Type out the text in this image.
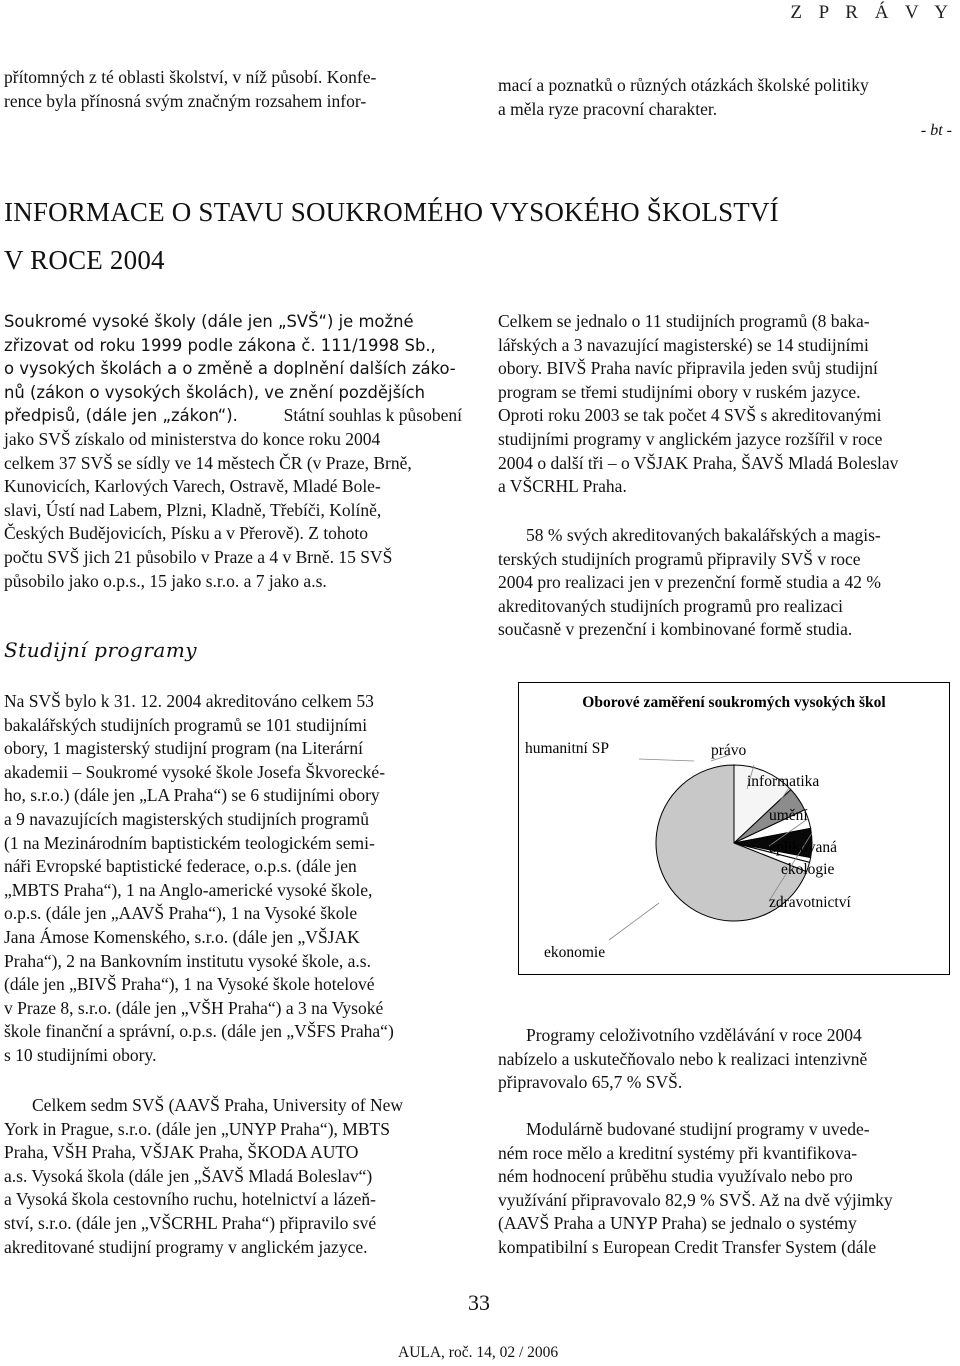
Z P R Á V Y
přítomných z té oblasti školství, v níž působí. Konfe-
rence byla přínosná svým značným rozsahem infor-
mací a poznatků o různých otázkách školské politiky
a měla ryze pracovní charakter.
- bt -
INFORMACE O STAVU SOUKROMÉHO VYSOKÉHO ŠKOLSTVÍ
V ROCE 2004
Soukromé vysoké školy (dále jen „SVŠ“) je možné
zřizovat od roku 1999 podle zákona č. 111/1998 Sb.,
o vysokých školách a o změně a doplnění dalších záko-
nů (zákon o vysokých školách), ve znění pozdějších
předpisů, (dále jen „zákon“).	Státní souhlas k působení
jako SVŠ získalo od ministerstva do konce roku 2004
celkem 37 SVŠ se sídly ve 14 městech ČR (v Praze, Brně,
Kunovicích, Karlových Varech, Ostravě, Mladé Bole-
slavi, Ústí nad Labem, Plzni, Kladně, Třebíči, Kolíně,
Českých Budějovicích, Písku a v Přerově). Z tohoto
počtu SVŠ jich 21 působilo v Praze a 4 v Brně. 15 SVŠ
působilo jako o.p.s., 15 jako s.r.o. a 7 jako a.s.
Studijní programy
Na SVŠ bylo k 31. 12. 2004 akreditováno celkem 53
bakalářských studijních programů se 101 studijními
obory, 1 magisterský studijní program (na Literární
akademii – Soukromé vysoké škole Josefa Škvorecké-
ho, s.r.o.) (dále jen „LA Praha“) se 6 studijními obory
a 9 navazujících magisterských studijních programů
(1 na Mezinárodním baptistickém teologickém semi-
náři Evropské baptistické federace, o.p.s. (dále jen
„MBTS Praha“), 1 na Anglo-americké vysoké škole,
o.p.s. (dále jen „AAVŠ Praha“), 1 na Vysoké škole
Jana Ámose Komenského, s.r.o. (dále jen „VŠJAK
Praha“), 2 na Bankovním institutu vysoké škole, a.s.
(dále jen „BIVŠ Praha“), 1 na Vysoké škole hotelové
v Praze 8, s.r.o. (dále jen „VŠH Praha“) a 3 na Vysoké
škole finanční a správní, o.p.s. (dále jen „VŠFS Praha“)
s 10 studijními obory.
Celkem sedm SVŠ (AAVŠ Praha, University of New
York in Prague, s.r.o. (dále jen „UNYP Praha“), MBTS
Praha, VŠH Praha, VŠJAK Praha, ŠKODA AUTO
a.s. Vysoká škola (dále jen „ŠAVŠ Mladá Boleslav“)
a Vysoká škola cestovního ruchu, hotelnictví a lázeň-
ství, s.r.o. (dále jen „VŠCRHL Praha“) připravilo své
akreditované studijní programy v anglickém jazyce.
Celkem se jednalo o 11 studijních programů (8 baka-
lářských a 3 navazující magisterské) se 14 studijními
obory. BIVŠ Praha navíc připravila jeden svůj studijní
program se třemi studijními obory v ruském jazyce.
Oproti roku 2003 se tak počet 4 SVŠ s akreditovanými
studijními programy v anglickém jazyce rozšířil v roce
2004 o další tři – o VŠJAK Praha, ŠAVŠ Mladá Boleslav
a VŠCRHL Praha.
58 % svých akreditovaných bakalářských a magis-
terských studijních programů připravily SVŠ v roce
2004 pro realizaci jen v prezenční formě studia a 42 %
akreditovaných studijních programů pro realizaci
současně v prezenční i kombinované formě studia.
Oborové zaměření soukromých vysokých škol
humanitní SP	právo
informatika
umění
aplikovaná
ekologie
zdravotnictví
ekonomie
Programy celoživotního vzdělávání v roce 2004
nabízelo a uskutečňovalo nebo k realizaci intenzivně
připravovalo 65,7 % SVŠ.
Modulárně budované studijní programy v uvede-
ném roce mělo a kreditní systémy při kvantifikova-
ném hodnocení průběhu studia využívalo nebo pro
využívání připravovalo 82,9 % SVŠ. Až na dvě výjimky
(AAVŠ Praha a UNYP Praha) se jednalo o systémy
kompatibilní s European Credit Transfer System (dále
33
AULA, roč. 14, 02 / 2006
